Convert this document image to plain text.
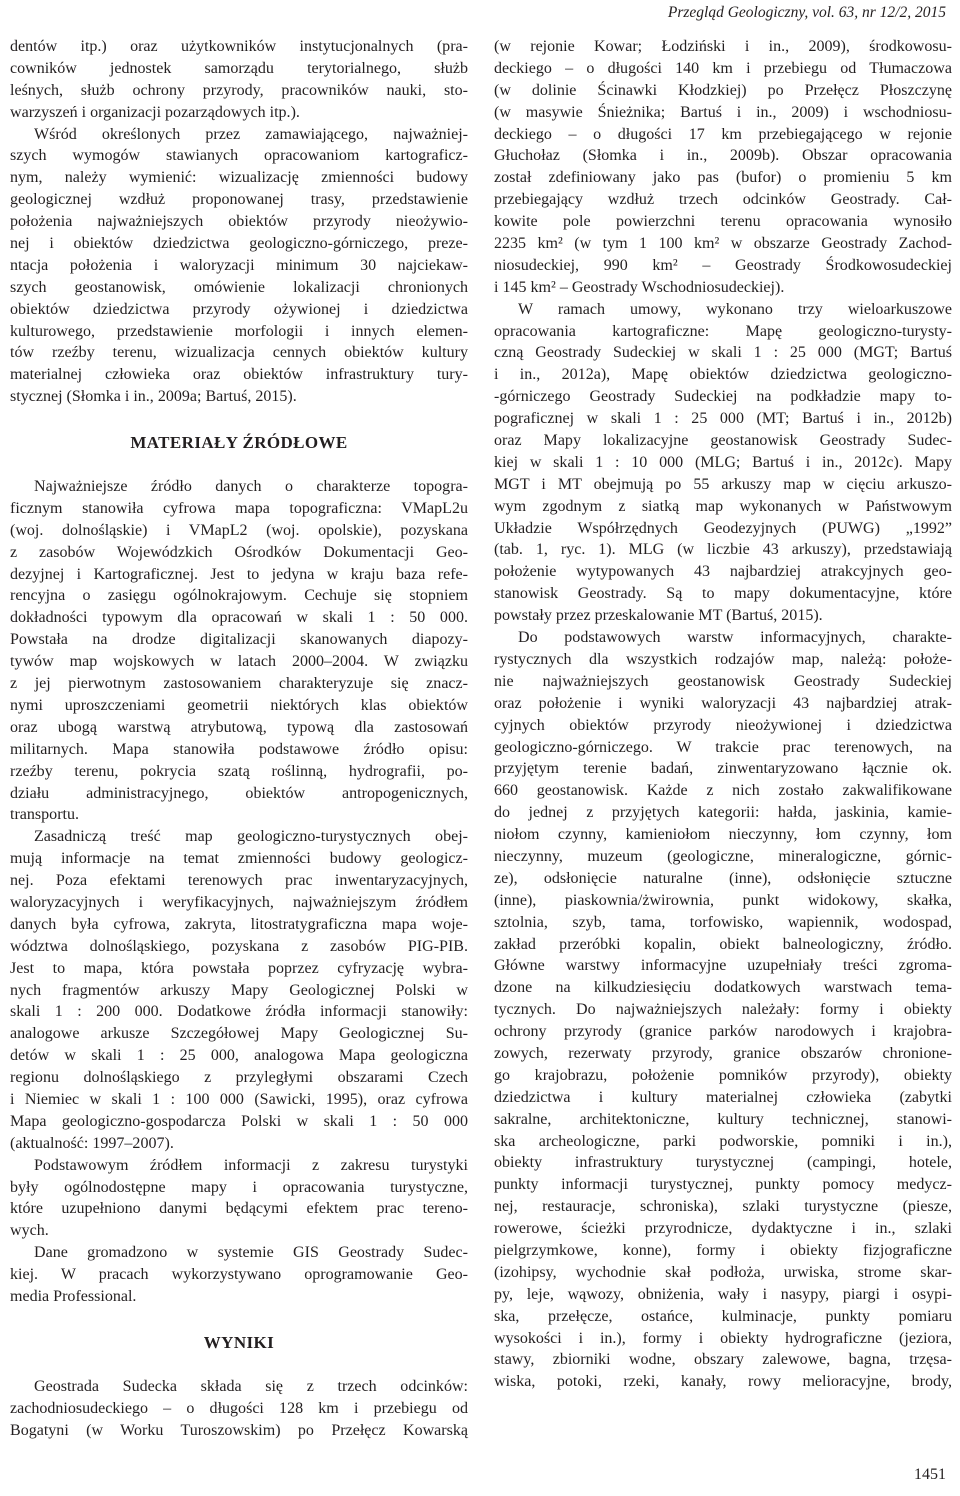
Przegląd Geologiczny, vol. 63, nr 12/2, 2015
dentów itp.) oraz użytkowników instytucjonalnych (pra-
cowników jednostek samorządu terytorialnego, służb
leśnych, służb ochrony przyrody, pracowników nauki, sto-
warzyszeń i organizacji pozarządowych itp.).
Wśród określonych przez zamawiającego, najważniej-
szych wymogów stawianych opracowaniom kartograficz-
nym, należy wymienić: wizualizację zmienności budowy
geologicznej wzdłuż proponowanej trasy, przedstawienie
położenia najważniejszych obiektów przyrody nieożywio-
nej i obiektów dziedzictwa geologiczno-górniczego, preze-
ntacja położenia i waloryzacji minimum 30 najciekaw-
szych geostanowisk, omówienie lokalizacji chronionych
obiektów dziedzictwa przyrody ożywionej i dziedzictwa
kulturowego, przedstawienie morfologii i innych elemen-
tów rzeźby terenu, wizualizacja cennych obiektów kultury
materialnej człowieka oraz obiektów infrastruktury tury-
stycznej (Słomka i in., 2009a; Bartuś, 2015).
MATERIAŁY ŹRÓDŁOWE
Najważniejsze źródło danych o charakterze topogra-
ficznym stanowiła cyfrowa mapa topograficzna: VMapL2u
(woj. dolnośląskie) i VMapL2 (woj. opolskie), pozyskana
z zasobów Wojewódzkich Ośrodków Dokumentacji Geo-
dezyjnej i Kartograficznej. Jest to jedyna w kraju baza refe-
rencyjna o zasięgu ogólnokrajowym. Cechuje się stopniem
dokładności typowym dla opracowań w skali 1 : 50 000.
Powstała na drodze digitalizacji skanowanych diapozy-
tywów map wojskowych w latach 2000–2004. W związku
z jej pierwotnym zastosowaniem charakteryzuje się znacz-
nymi uproszczeniami geometrii niektórych klas obiektów
oraz ubogą warstwą atrybutową, typową dla zastosowań
militarnych. Mapa stanowiła podstawowe źródło opisu:
rzeźby terenu, pokrycia szatą roślinną, hydrografii, po-
działu administracyjnego, obiektów antropogenicznych,
transportu.
Zasadniczą treść map geologiczno-turystycznych obej-
mują informacje na temat zmienności budowy geologicz-
nej. Poza efektami terenowych prac inwentaryzacyjnych,
waloryzacyjnych i weryfikacyjnych, najważniejszym źródłem
danych była cyfrowa, zakryta, litostratygraficzna mapa woje-
wództwa dolnośląskiego, pozyskana z zasobów PIG-PIB.
Jest to mapa, która powstała poprzez cyfryzację wybra-
nych fragmentów arkuszy Mapy Geologicznej Polski w
skali 1 : 200 000. Dodatkowe źródła informacji stanowiły:
analogowe arkusze Szczegółowej Mapy Geologicznej Su-
detów w skali 1 : 25 000, analogowa Mapa geologiczna
regionu dolnośląskiego z przyległymi obszarami Czech
i Niemiec w skali 1 : 100 000 (Sawicki, 1995), oraz cyfrowa
Mapa geologiczno-gospodarcza Polski w skali 1 : 50 000
(aktualność: 1997–2007).
Podstawowym źródłem informacji z zakresu turystyki
były ogólnodostępne mapy i opracowania turystyczne,
które uzupełniono danymi będącymi efektem prac tereno-
wych.
Dane gromadzono w systemie GIS Geostrady Sudec-
kiej. W pracach wykorzystywano oprogramowanie Geo-
media Professional.
WYNIKI
Geostrada Sudecka składa się z trzech odcinków:
zachodniosudeckiego – o długości 128 km i przebiegu od
Bogatyni (w Worku Turoszowskim) po Przełęcz Kowarską
(w rejonie Kowar; Łodziński i in., 2009), środkowosu-
deckiego – o długości 140 km i przebiegu od Tłumaczowa
(w dolinie Ścinawki Kłodzkiej) po Przełęcz Płoszczynę
(w masywie Śnieżnika; Bartuś i in., 2009) i wschodniosu-
deckiego – o długości 17 km przebiegającego w rejonie
Głuchołaz (Słomka i in., 2009b). Obszar opracowania
został zdefiniowany jako pas (bufor) o promieniu 5 km
przebiegający wzdłuż trzech odcinków Geostrady. Cał-
kowite pole powierzchni terenu opracowania wynosiło
2235 km² (w tym 1 100 km² w obszarze Geostrady Zachod-
niosudeckiej, 990 km² – Geostrady Środkowosudeckiej
i 145 km² – Geostrady Wschodniosudeckiej).
W ramach umowy, wykonano trzy wieloarkuszowe
opracowania kartograficzne: Mapę geologiczno-turysty-
czną Geostrady Sudeckiej w skali 1 : 25 000 (MGT; Bartuś
i in., 2012a), Mapę obiektów dziedzictwa geologiczno-
-górniczego Geostrady Sudeckiej na podkładzie mapy to-
pograficznej w skali 1 : 25 000 (MT; Bartuś i in., 2012b)
oraz Mapy lokalizacyjne geostanowisk Geostrady Sudec-
kiej w skali 1 : 10 000 (MLG; Bartuś i in., 2012c). Mapy
MGT i MT obejmują po 55 arkuszy map w cięciu arkuszo-
wym zgodnym z siatką map wykonanych w Państwowym
Układzie Współrzędnych Geodezyjnych (PUWG) „1992”
(tab. 1, ryc. 1). MLG (w liczbie 43 arkuszy), przedstawiają
położenie wytypowanych 43 najbardziej atrakcyjnych geo-
stanowisk Geostrady. Są to mapy dokumentacyjne, które
powstały przez przeskalowanie MT (Bartuś, 2015).
Do podstawowych warstw informacyjnych, charakte-
rystycznych dla wszystkich rodzajów map, należą: położe-
nie najważniejszych geostanowisk Geostrady Sudeckiej
oraz położenie i wyniki waloryzacji 43 najbardziej atrak-
cyjnych obiektów przyrody nieożywionej i dziedzictwa
geologiczno-górniczego. W trakcie prac terenowych, na
przyjętym terenie badań, zinwentaryzowano łącznie ok.
660 geostanowisk. Każde z nich zostało zakwalifikowane
do jednej z przyjętych kategorii: hałda, jaskinia, kamie-
niołom czynny, kamieniołom nieczynny, łom czynny, łom
nieczynny, muzeum (geologiczne, mineralogiczne, górnic-
ze), odsłonięcie naturalne (inne), odsłonięcie sztuczne
(inne), piaskownia/żwirownia, punkt widokowy, skałka,
sztolnia, szyb, tama, torfowisko, wapiennik, wodospad,
zakład przeróbki kopalin, obiekt balneologiczny, źródło.
Główne warstwy informacyjne uzupełniały treści zgroma-
dzone na kilkudziesięciu dodatkowych warstwach tema-
tycznych. Do najważniejszych należały: formy i obiekty
ochrony przyrody (granice parków narodowych i krajobra-
zowych, rezerwaty przyrody, granice obszarów chronione-
go krajobrazu, położenie pomników przyrody), obiekty
dziedzictwa i kultury materialnej człowieka (zabytki
sakralne, architektoniczne, kultury technicznej, stanowi-
ska archeologiczne, parki podworskie, pomniki i in.),
obiekty infrastruktury turystycznej (campingi, hotele,
punkty informacji turystycznej, punkty pomocy medycz-
nej, restauracje, schroniska), szlaki turystyczne (piesze,
rowerowe, ścieżki przyrodnicze, dydaktyczne i in., szlaki
pielgrzymkowe, konne), formy i obiekty fizjograficzne
(izohipsy, wychodnie skał podłoża, urwiska, strome skar-
py, leje, wąwozy, obniżenia, wały i nasypy, piargi i osypi-
ska, przełęcze, ostańce, kulminacje, punkty pomiaru
wysokości i in.), formy i obiekty hydrograficzne (jeziora,
stawy, zbiorniki wodne, obszary zalewowe, bagna, trzęsa-
wiska, potoki, rzeki, kanały, rowy melioracyjne, brody,
1451
